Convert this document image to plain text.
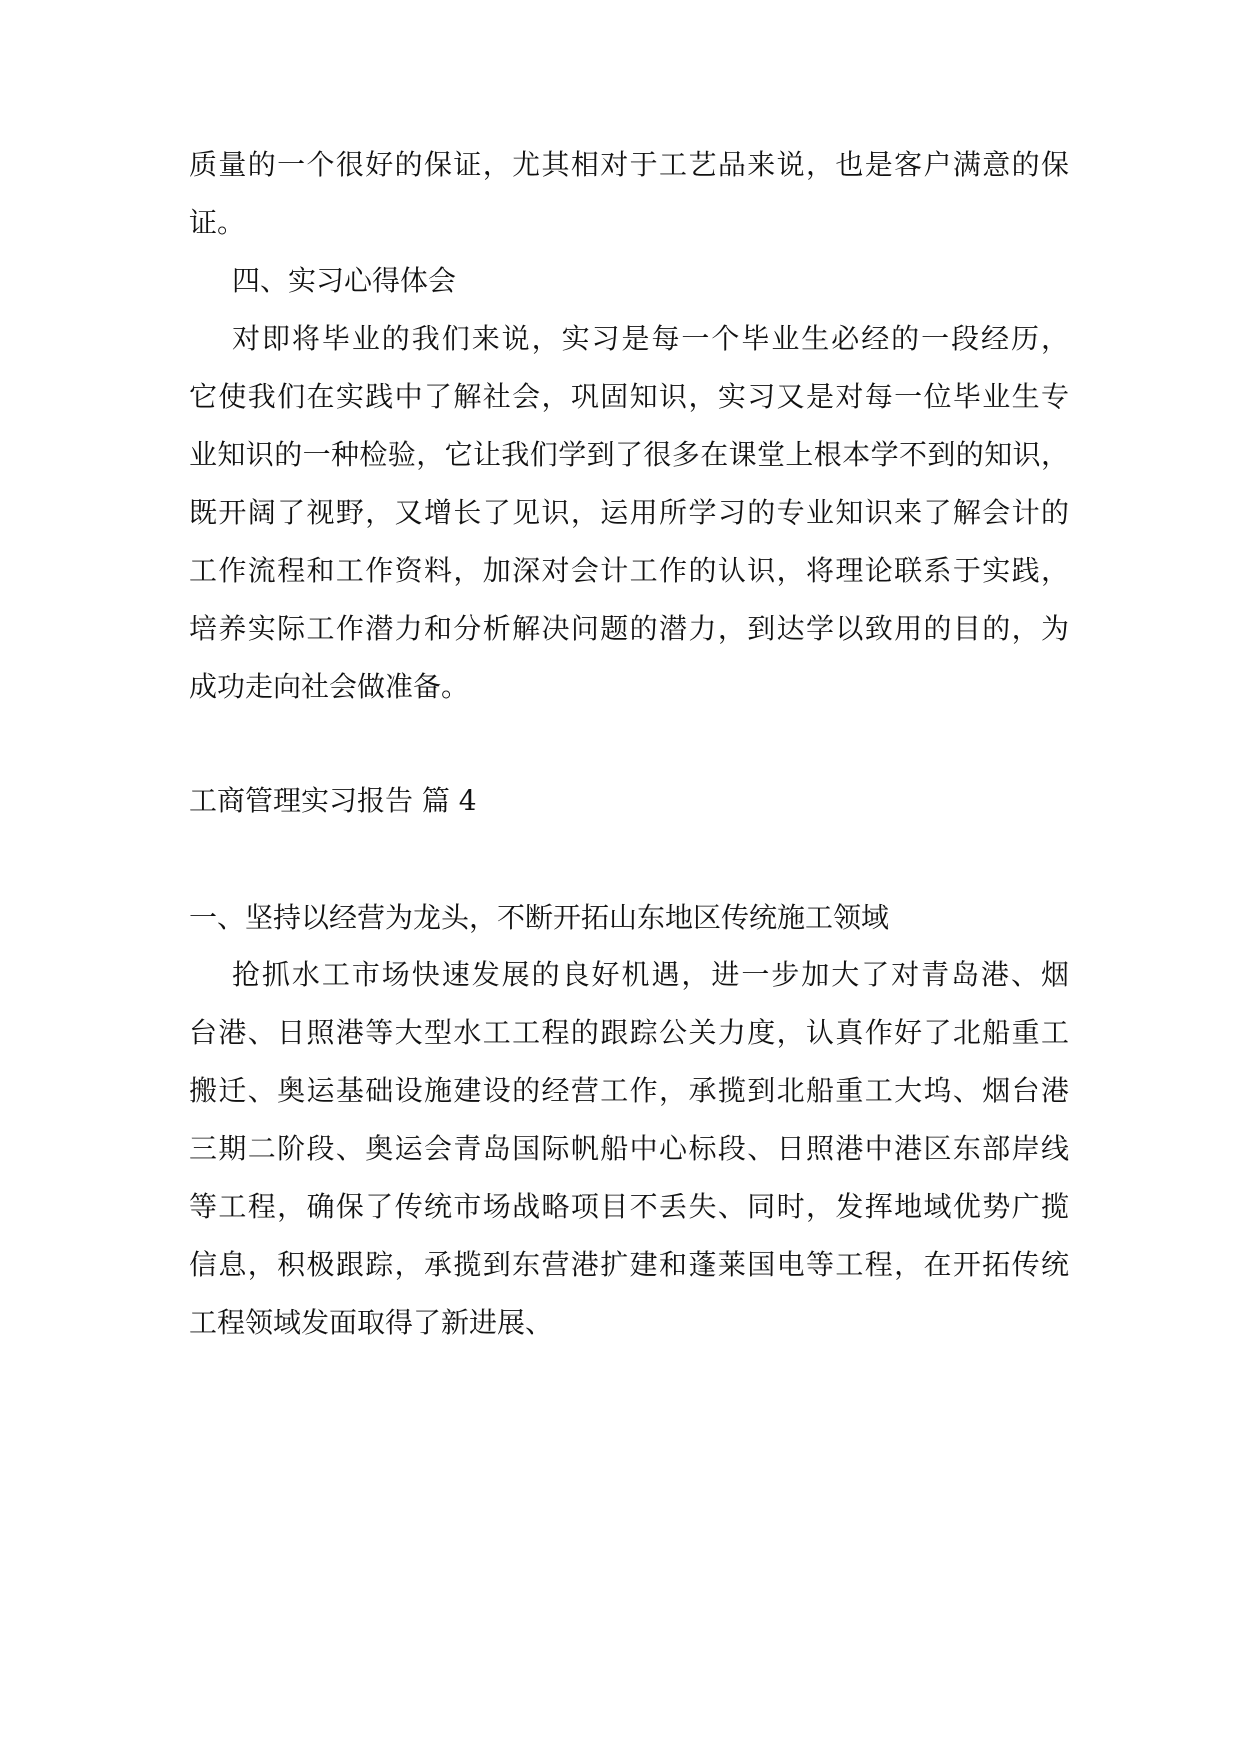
质量的一个很好的保证，尤其相对于工艺品来说，也是客户满意的保
证。
四、实习心得体会
对即将毕业的我们来说，实习是每一个毕业生必经的一段经历，
它使我们在实践中了解社会，巩固知识，实习又是对每一位毕业生专
业知识的一种检验，它让我们学到了很多在课堂上根本学不到的知识，
既开阔了视野，又增长了见识，运用所学习的专业知识来了解会计的
工作流程和工作资料，加深对会计工作的认识，将理论联系于实践，
培养实际工作潜力和分析解决问题的潜力，到达学以致用的目的，为
成功走向社会做准备。
工商管理实习报告 篇 4
一、坚持以经营为龙头，不断开拓山东地区传统施工领域
抢抓水工市场快速发展的良好机遇，进一步加大了对青岛港、烟
台港、日照港等大型水工工程的跟踪公关力度，认真作好了北船重工
搬迁、奥运基础设施建设的经营工作，承揽到北船重工大坞、烟台港
三期二阶段、奥运会青岛国际帆船中心标段、日照港中港区东部岸线
等工程，确保了传统市场战略项目不丢失、同时，发挥地域优势广揽
信息，积极跟踪，承揽到东营港扩建和蓬莱国电等工程，在开拓传统
工程领域发面取得了新进展、
